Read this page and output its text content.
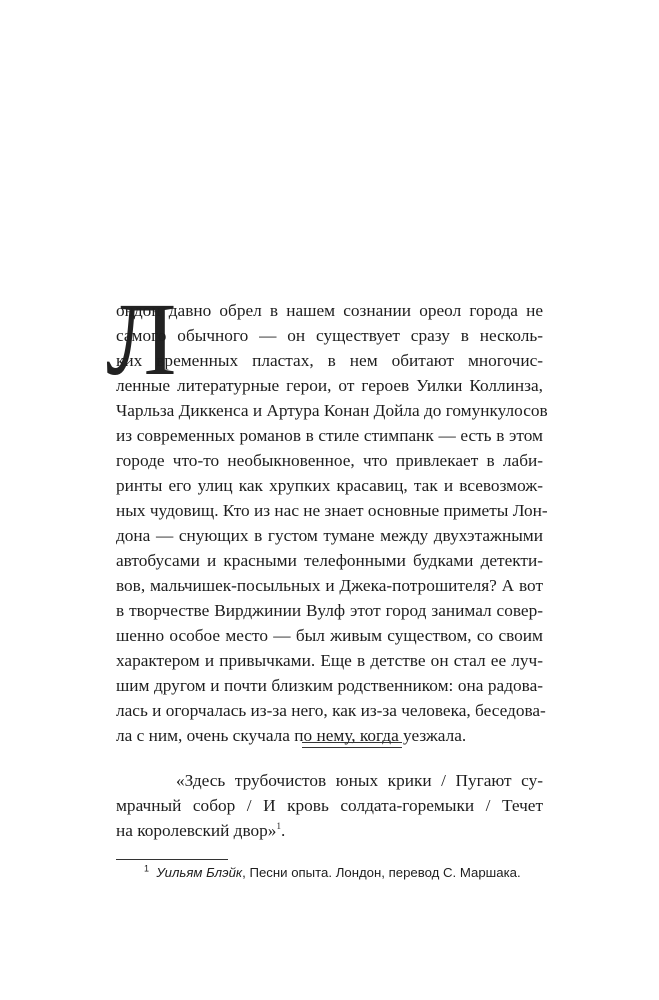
Л
ондон давно обрел в нашем сознании ореол города не
самого обычного — он существует сразу в несколь-
ких временных пластах, в нем обитают многочис-
ленные литературные герои, от героев Уилки Коллинза,
Чарльза Диккенса и Артура Конан Дойла до гомункулосов
из современных романов в стиле стимпанк — есть в этом
городе что-то необыкновенное, что привлекает в лаби-
ринты его улиц как хрупких красавиц, так и всевозмож-
ных чудовищ. Кто из нас не знает основные приметы Лон-
дона — снующих в густом тумане между двухэтажными
автобусами и красными телефонными будками детекти-
вов, мальчишек-посыльных и Джека-потрошителя? А вот
в творчестве Вирджинии Вулф этот город занимал совер-
шенно особое место — был живым существом, со своим
характером и привычками. Еще в детстве он стал ее луч-
шим другом и почти близким родственником: она радова-
лась и огорчалась из-за него, как из-за человека, беседова-
ла с ним, очень скучала по нему, когда уезжала.
«Здесь трубочистов юных крики / Пугают су-
мрачный собор / И кровь солдата-горемыки / Течет
на королевский двор»$^1$.
$^1$ Уильям Блэйк, Песни опыта. Лондон, перевод С. Маршака.
